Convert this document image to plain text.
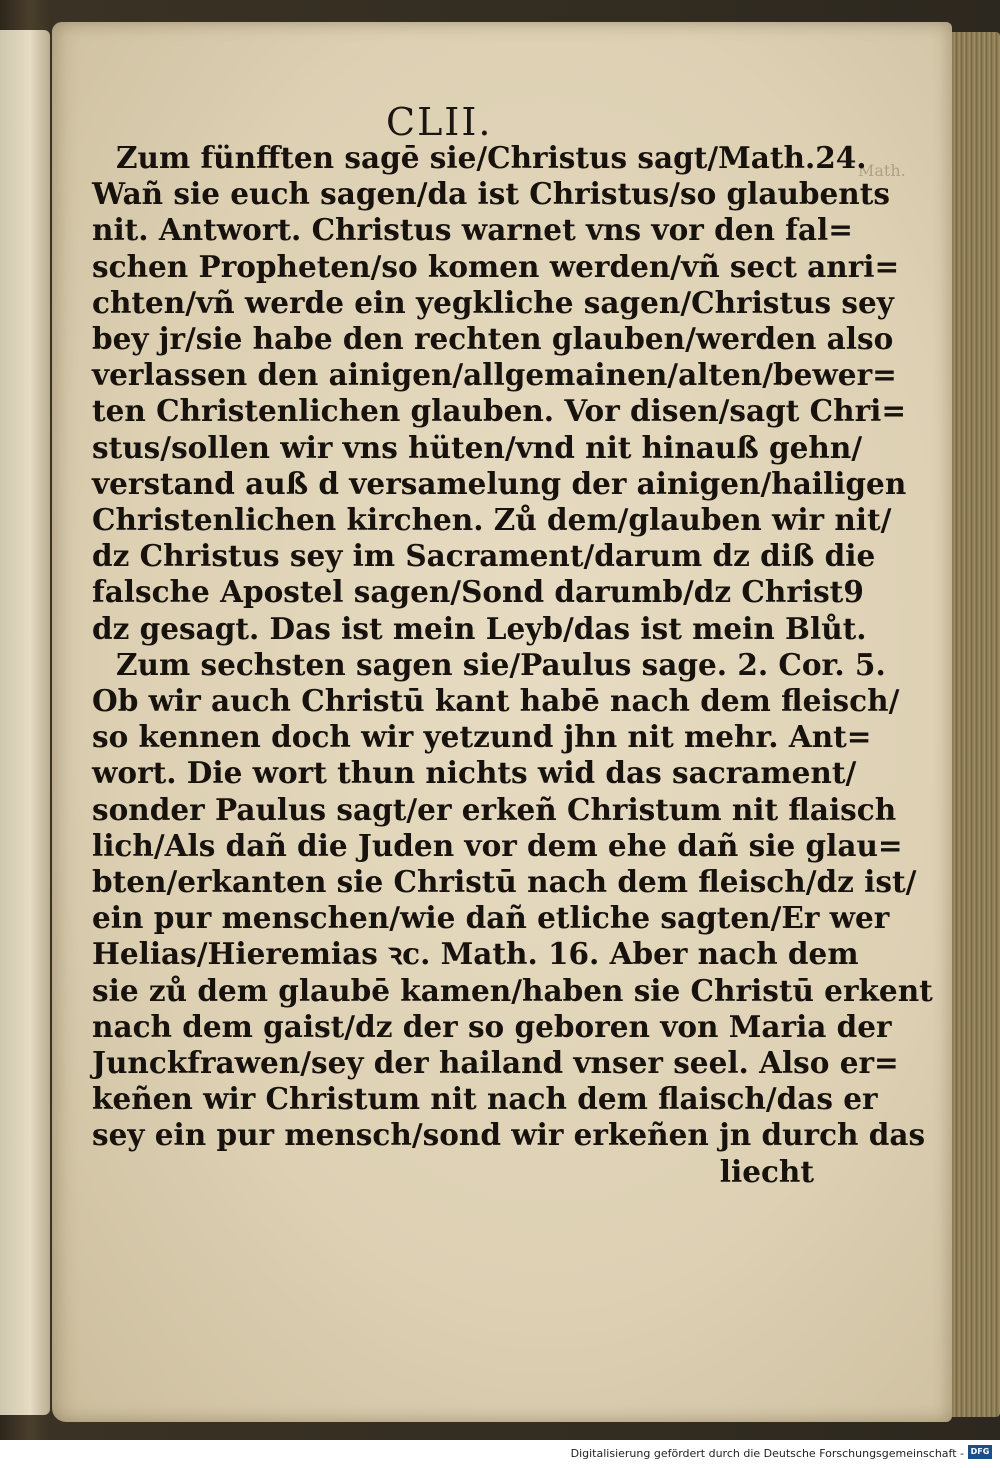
CLII.
Math.
Zum fünfften sagē sie/Christus sagt/Math.24.
Wañ sie euch sagen/da ist Christus/so glaubents
nit. Antwort. Christus warnet vns vor den fal=
schen Propheten/so komen werden/vñ sect anri=
chten/vñ werde ein yegkliche sagen/Christus sey
bey jr/sie habe den rechten glauben/werden also
verlassen den ainigen/allgemainen/alten/bewer=
ten Christenlichen glauben. Vor disen/sagt Chri=
stus/sollen wir vns hüten/vnd nit hinauß gehn/
verstand auß d versamelung der ainigen/hailigen
Christenlichen kirchen. Zů dem/glauben wir nit/
dz Christus sey im Sacrament/darum dz diß die
falsche Apostel sagen/Sond darumb/dz Christ9
dz gesagt. Das ist mein Leyb/das ist mein Blůt.
Zum sechsten sagen sie/Paulus sage. 2. Cor. 5.
Ob wir auch Christū kant habē nach dem fleisch/
so kennen doch wir yetzund jhn nit mehr. Ant=
wort. Die wort thun nichts wid das sacrament/
sonder Paulus sagt/er erkeñ Christum nit flaisch
lich/Als dañ die Juden vor dem ehe dañ sie glau=
bten/erkanten sie Christū nach dem fleisch/dz ist/
ein pur menschen/wie dañ etliche sagten/Er wer
Helias/Hieremias ꝛc. Math. 16. Aber nach dem
sie zů dem glaubē kamen/haben sie Christū erkent
nach dem gaist/dz der so geboren von Maria der
Junckfrawen/sey der hailand vnser seel. Also er=
keñen wir Christum nit nach dem flaisch/das er
sey ein pur mensch/sond wir erkeñen jn durch das
liecht
Digitalisierung gefördert durch die Deutsche Forschungsgemeinschaft - DFG
